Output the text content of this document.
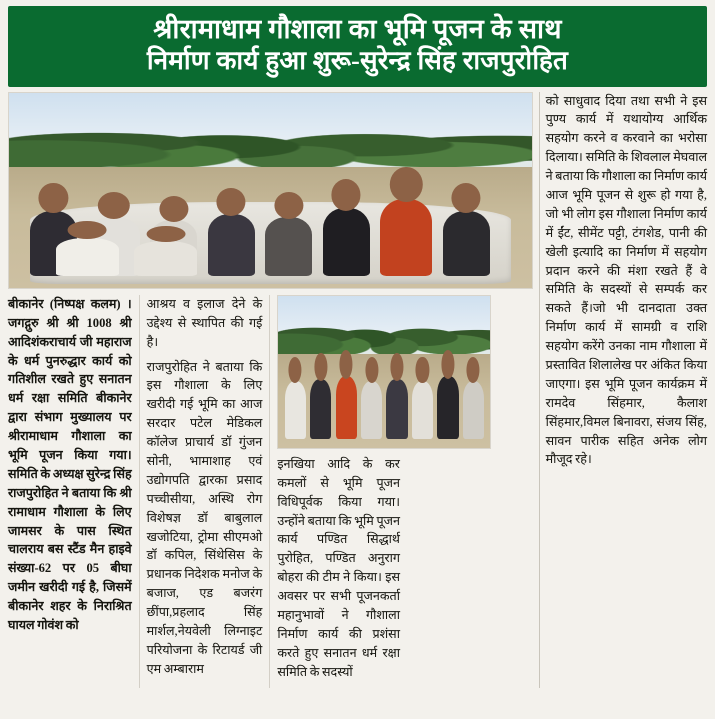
श्रीरामाधाम गौशाला का भूमि पूजन के साथ
निर्माण कार्य हुआ शुरू-सुरेन्द्र सिंह राजपुरोहित

बीकानेर (निष्पक्ष कलम) । जगद्गुरु श्री श्री 1008 श्री आदिशंकराचार्य जी महाराज के धर्म पुनरुद्धार कार्य को गतिशील रखते हुए सनातन धर्म रक्षा समिति बीकानेर द्वारा संभाग मुख्यालय पर श्रीरामाधाम गौशाला का भूमि पूजन किया गया।समिति के अध्यक्ष सुरेन्द्र सिंह राजपुरोहित ने बताया कि श्री रामाधाम गौशाला के लिए जामसर के पास स्थित चालराय बस स्टैंड मैन हाइवे संख्या-62 पर 05 बीघा जमीन खरीदी गई है, जिसमें बीकानेर शहर के निराश्रित घायल गोवंश को

आश्रय व इलाज देने के उद्देश्य से स्थापित की गई है।

राजपुरोहित ने बताया कि इस गौशाला के लिए खरीदी गई भूमि का आज सरदार पटेल मेडिकल कॉलेज प्राचार्य डॉ गुंजन सोनी, भामाशाह एवं उद्योगपति द्वारका प्रसाद पच्चीसीया, अस्थि रोग विशेषज्ञ डॉ बाबुलाल खजोटिया, ट्रोमा सीएमओ डॉ कपिल, सिंथेसिस के प्रधानक निदेशक मनोज के बजाज, एड बजरंग छींपा,प्रहलाद सिंह मार्शल,नेयवेली लिग्नाइट परियोजना के रिटायर्ड जी एम अम्बाराम

इनखिया आदि के कर कमलों से भूमि पूजन विधिपूर्वक किया गया। उन्होंने बताया कि भूमि पूजन कार्य पण्डित सिद्धार्थ पुरोहित, पण्डित अनुराग बोहरा की टीम ने किया। इस अवसर पर सभी पूजनकर्ता महानुभावों ने गौशाला निर्माण कार्य की प्रशंसा करते हुए सनातन धर्म रक्षा समिति के सदस्यों

को साधुवाद दिया तथा सभी ने इस पुण्य कार्य में यथायोग्य आर्थिक सहयोग करने व करवाने का भरोसा दिलाया। समिति के शिवलाल मेघवाल ने बताया कि गौशाला का निर्माण कार्य आज भूमि पूजन से शुरू हो गया है, जो भी लोग इस गौशाला निर्माण कार्य में ईंट, सीमेंट पट्टी, टंगशेड, पानी की खेली इत्यादि का निर्माण में सहयोग प्रदान करने की मंशा रखते हैं वे समिति के सदस्यों से सम्पर्क कर सकते हैं।जो भी दानदाता उक्त निर्माण कार्य में सामग्री व राशि सहयोग करेंगे उनका नाम गौशाला में प्रस्तावित शिलालेख पर अंकित किया जाएगा। इस भूमि पूजन कार्यक्रम में रामदेव सिंहमार, कैलाश सिंहमार,विमल बिनावरा, संजय सिंह, सावन पारीक सहित अनेक लोग मौजूद रहे।
